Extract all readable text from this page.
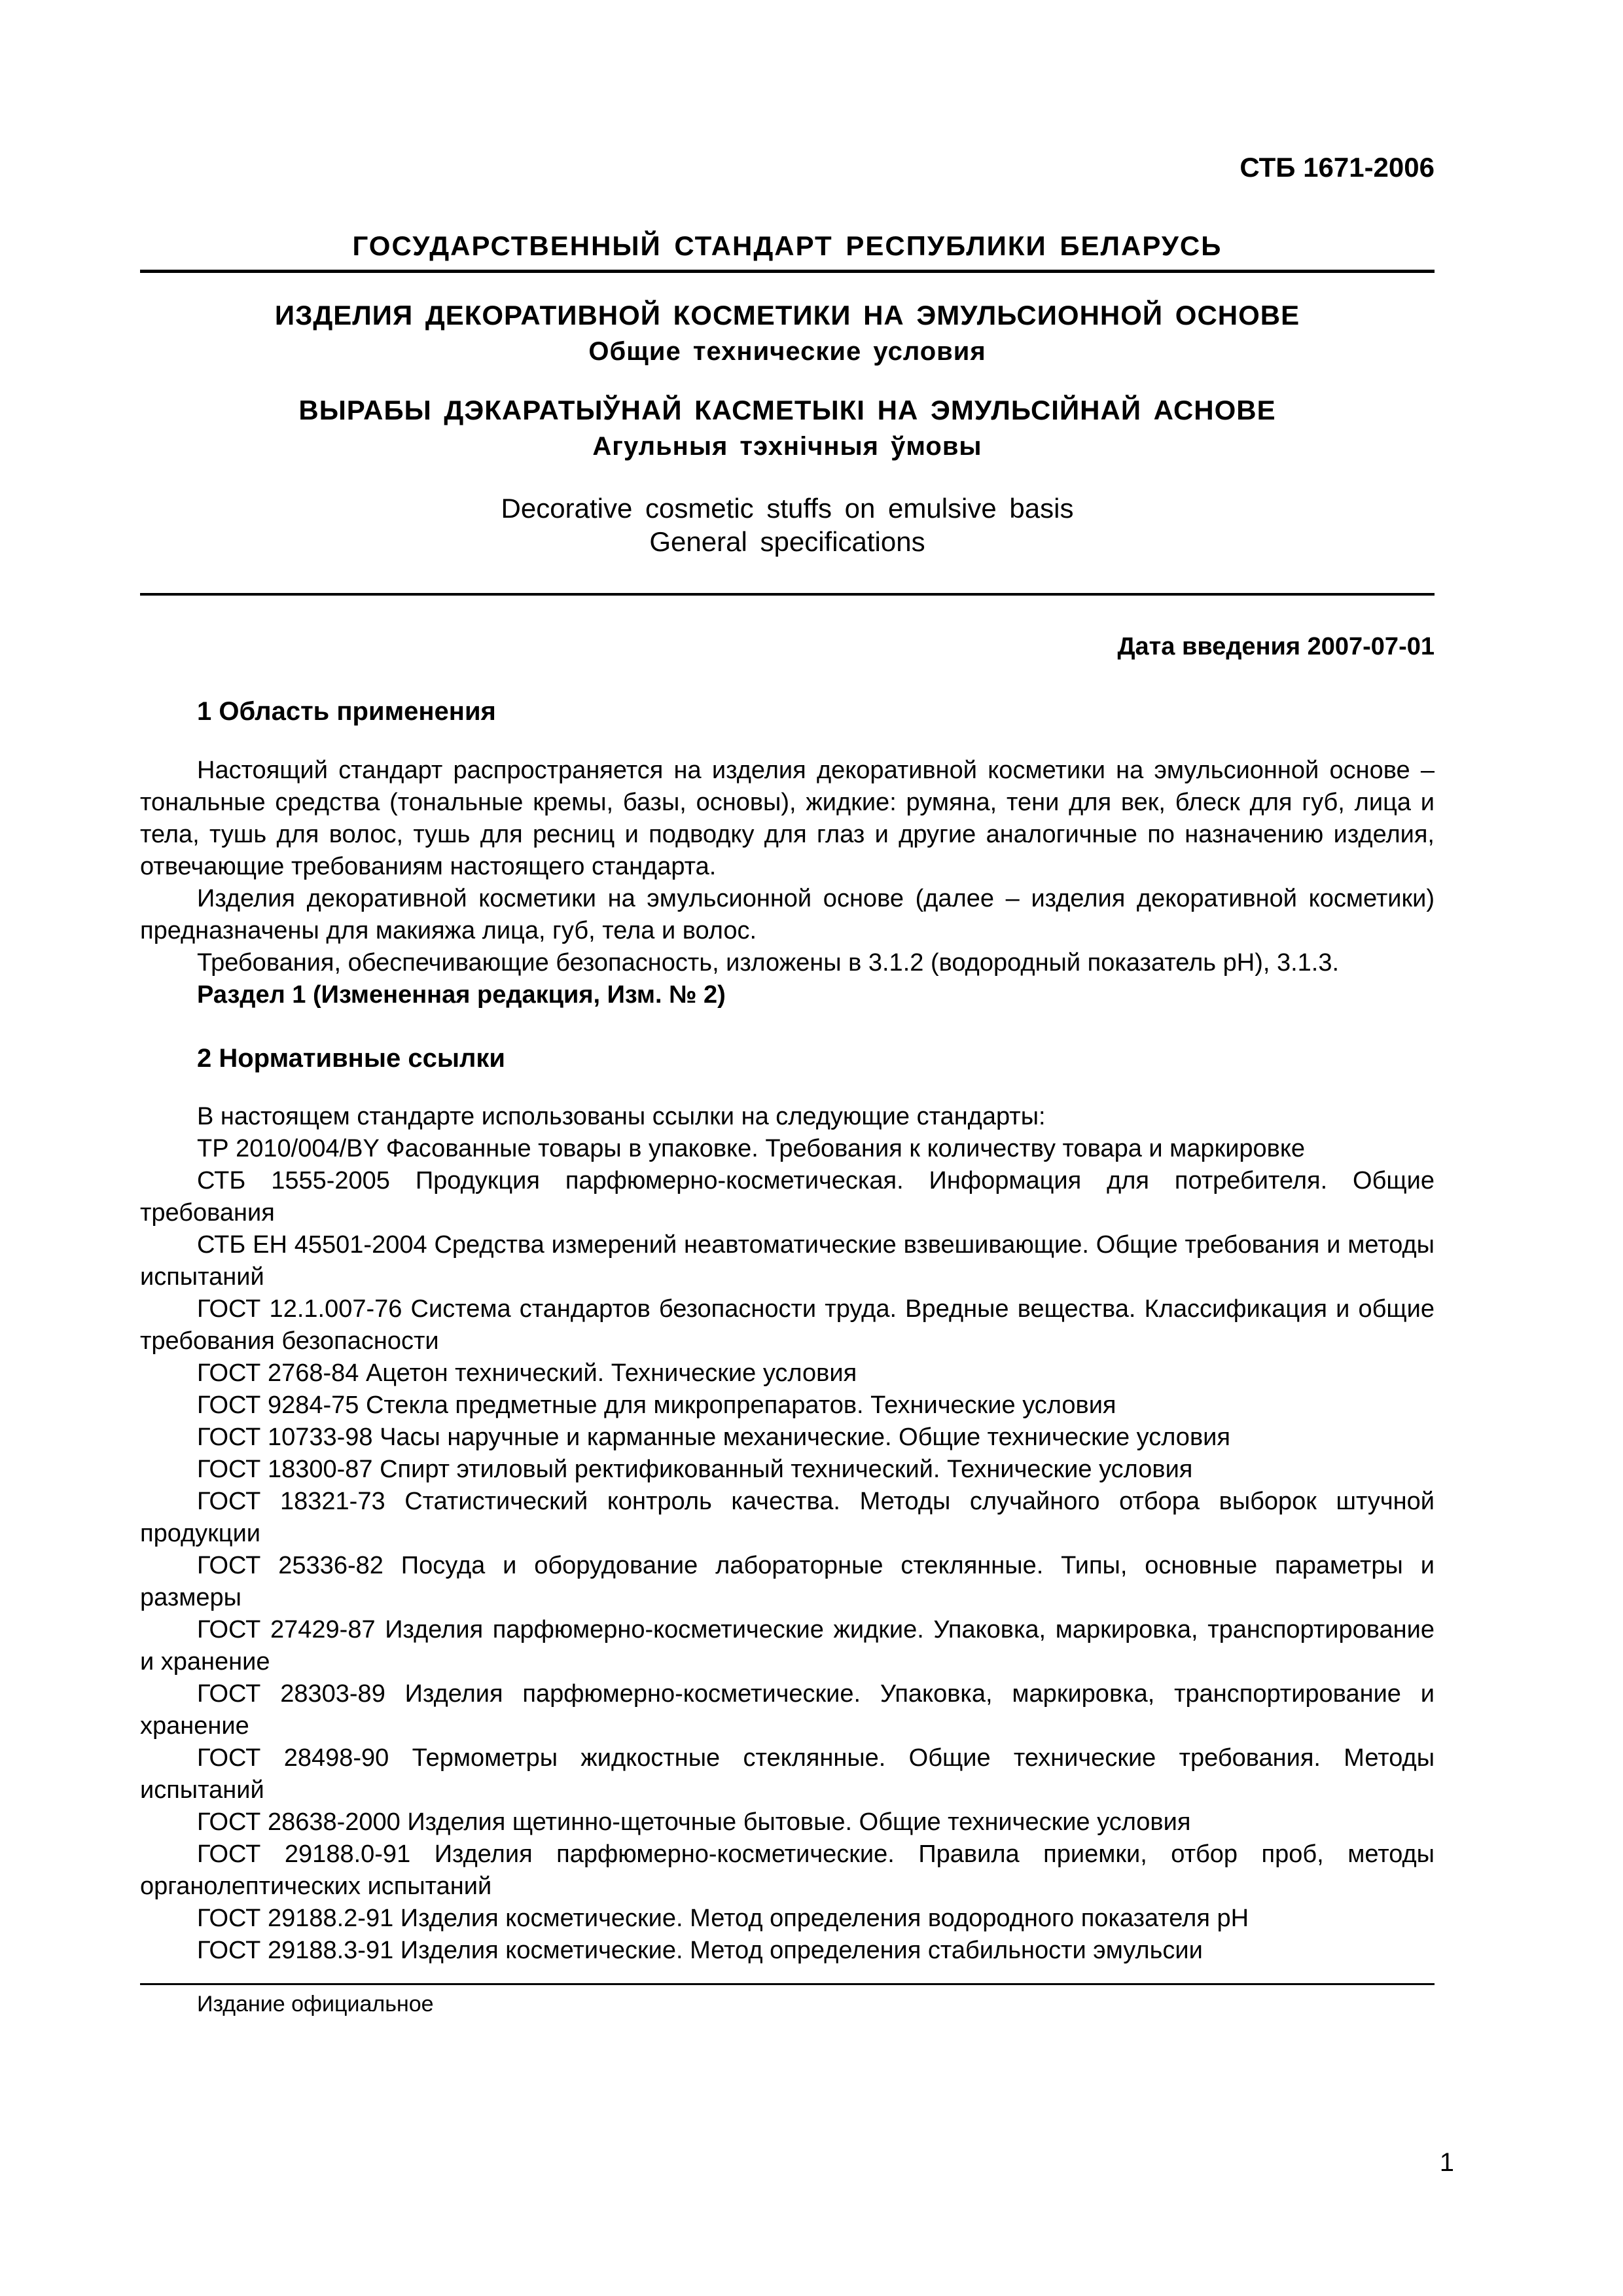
СТБ 1671-2006
ГОСУДАРСТВЕННЫЙ СТАНДАРТ РЕСПУБЛИКИ БЕЛАРУСЬ
ИЗДЕЛИЯ ДЕКОРАТИВНОЙ КОСМЕТИКИ НА ЭМУЛЬСИОННОЙ ОСНОВЕ
Общие технические условия
ВЫРАБЫ ДЭКАРАТЫЎНАЙ КАСМЕТЫКІ НА ЭМУЛЬСІЙНАЙ АСНОВЕ
Агульныя тэхнічныя ўмовы
Decorative cosmetic stuffs on emulsive basis
General specifications
Дата введения 2007-07-01
1 Область применения

Настоящий стандарт распространяется на изделия декоративной косметики на эмульсионной основе – тональные средства (тональные кремы, базы, основы), жидкие: румяна, тени для век, блеск для губ, лица и тела, тушь для волос, тушь для ресниц и подводку для глаз и другие аналогичные по назначению изделия, отвечающие требованиям настоящего стандарта.

Изделия декоративной косметики на эмульсионной основе (далее – изделия декоративной косметики) предназначены для макияжа лица, губ, тела и волос.

Требования, обеспечивающие безопасность, изложены в 3.1.2 (водородный показатель pH), 3.1.3.

Раздел 1 (Измененная редакция, Изм. № 2)

2 Нормативные ссылки

В настоящем стандарте использованы ссылки на следующие стандарты:

ТР 2010/004/BY Фасованные товары в упаковке. Требования к количеству товара и маркировке

СТБ 1555-2005 Продукция парфюмерно-косметическая. Информация для потребителя. Общие требования

СТБ ЕН 45501-2004 Средства измерений неавтоматические взвешивающие. Общие требования и методы испытаний

ГОСТ 12.1.007-76 Система стандартов безопасности труда. Вредные вещества. Классификация и общие требования безопасности

ГОСТ 2768-84 Ацетон технический. Технические условия

ГОСТ 9284-75 Стекла предметные для микропрепаратов. Технические условия

ГОСТ 10733-98 Часы наручные и карманные механические. Общие технические условия

ГОСТ 18300-87 Спирт этиловый ректификованный технический. Технические условия

ГОСТ 18321-73 Статистический контроль качества. Методы случайного отбора выборок штучной продукции

ГОСТ 25336-82 Посуда и оборудование лабораторные стеклянные. Типы, основные параметры и размеры

ГОСТ 27429-87 Изделия парфюмерно-косметические жидкие. Упаковка, маркировка, транспортирование и хранение

ГОСТ 28303-89 Изделия парфюмерно-косметические. Упаковка, маркировка, транспортирование и хранение

ГОСТ 28498-90 Термометры жидкостные стеклянные. Общие технические требования. Методы испытаний

ГОСТ 28638-2000 Изделия щетинно-щеточные бытовые. Общие технические условия

ГОСТ 29188.0-91 Изделия парфюмерно-косметические. Правила приемки, отбор проб, методы органолептических испытаний

ГОСТ 29188.2-91 Изделия косметические. Метод определения водородного показателя pH

ГОСТ 29188.3-91 Изделия косметические. Метод определения стабильности эмульсии

Издание официальное
1
